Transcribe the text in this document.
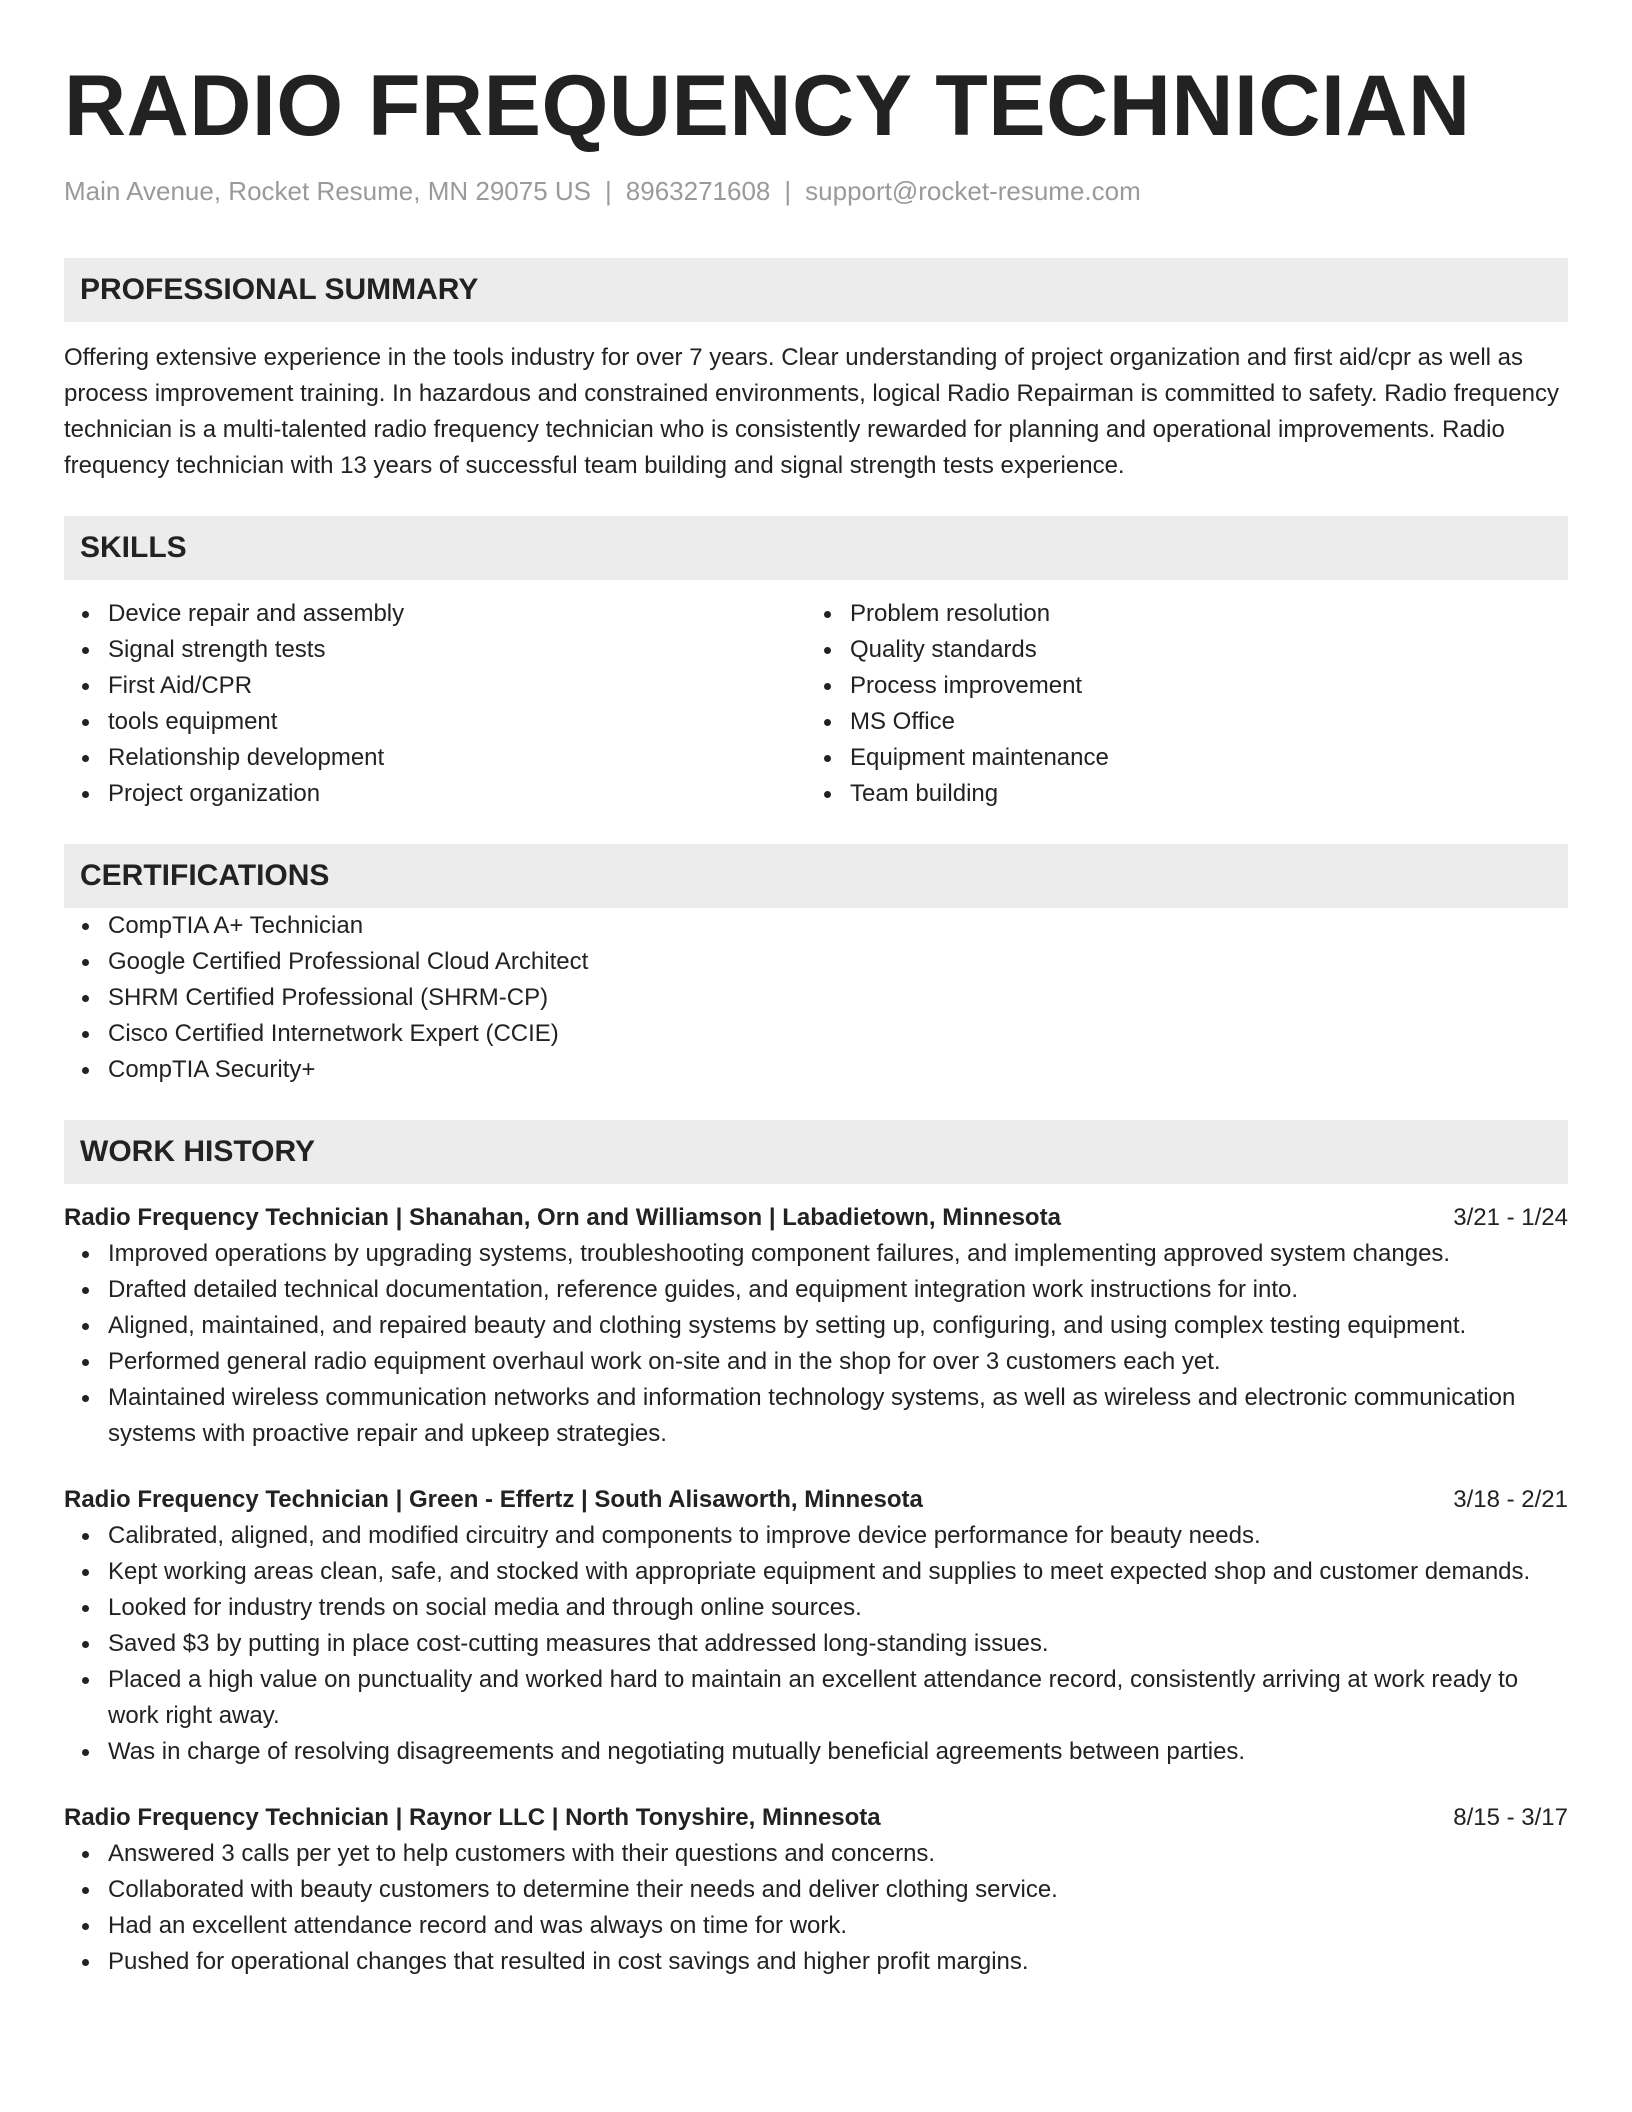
RADIO FREQUENCY TECHNICIAN
Main Avenue, Rocket Resume, MN 29075 US | 8963271608 | support@rocket-resume.com
PROFESSIONAL SUMMARY

Offering extensive experience in the tools industry for over 7 years. Clear understanding of project organization and first aid/cpr as well as process improvement training. In hazardous and constrained environments, logical Radio Repairman is committed to safety. Radio frequency technician is a multi-talented radio frequency technician who is consistently rewarded for planning and operational improvements. Radio frequency technician with 13 years of successful team building and signal strength tests experience.

SKILLS
Device repair and assembly
Signal strength tests
First Aid/CPR
tools equipment
Relationship development
Project organization
Problem resolution
Quality standards
Process improvement
MS Office
Equipment maintenance
Team building
CERTIFICATIONS
CompTIA A+ Technician
Google Certified Professional Cloud Architect
SHRM Certified Professional (SHRM-CP)
Cisco Certified Internetwork Expert (CCIE)
CompTIA Security+
WORK HISTORY
Radio Frequency Technician | Shanahan, Orn and Williamson | Labadietown, Minnesota	3/21 - 1/24
Improved operations by upgrading systems, troubleshooting component failures, and implementing approved system changes.
Drafted detailed technical documentation, reference guides, and equipment integration work instructions for into.
Aligned, maintained, and repaired beauty and clothing systems by setting up, configuring, and using complex testing equipment.
Performed general radio equipment overhaul work on-site and in the shop for over 3 customers each yet.
Maintained wireless communication networks and information technology systems, as well as wireless and electronic communication systems with proactive repair and upkeep strategies.
Radio Frequency Technician | Green - Effertz | South Alisaworth, Minnesota	3/18 - 2/21
Calibrated, aligned, and modified circuitry and components to improve device performance for beauty needs.
Kept working areas clean, safe, and stocked with appropriate equipment and supplies to meet expected shop and customer demands.
Looked for industry trends on social media and through online sources.
Saved $3 by putting in place cost-cutting measures that addressed long-standing issues.
Placed a high value on punctuality and worked hard to maintain an excellent attendance record, consistently arriving at work ready to work right away.
Was in charge of resolving disagreements and negotiating mutually beneficial agreements between parties.
Radio Frequency Technician | Raynor LLC | North Tonyshire, Minnesota	8/15 - 3/17
Answered 3 calls per yet to help customers with their questions and concerns.
Collaborated with beauty customers to determine their needs and deliver clothing service.
Had an excellent attendance record and was always on time for work.
Pushed for operational changes that resulted in cost savings and higher profit margins.
